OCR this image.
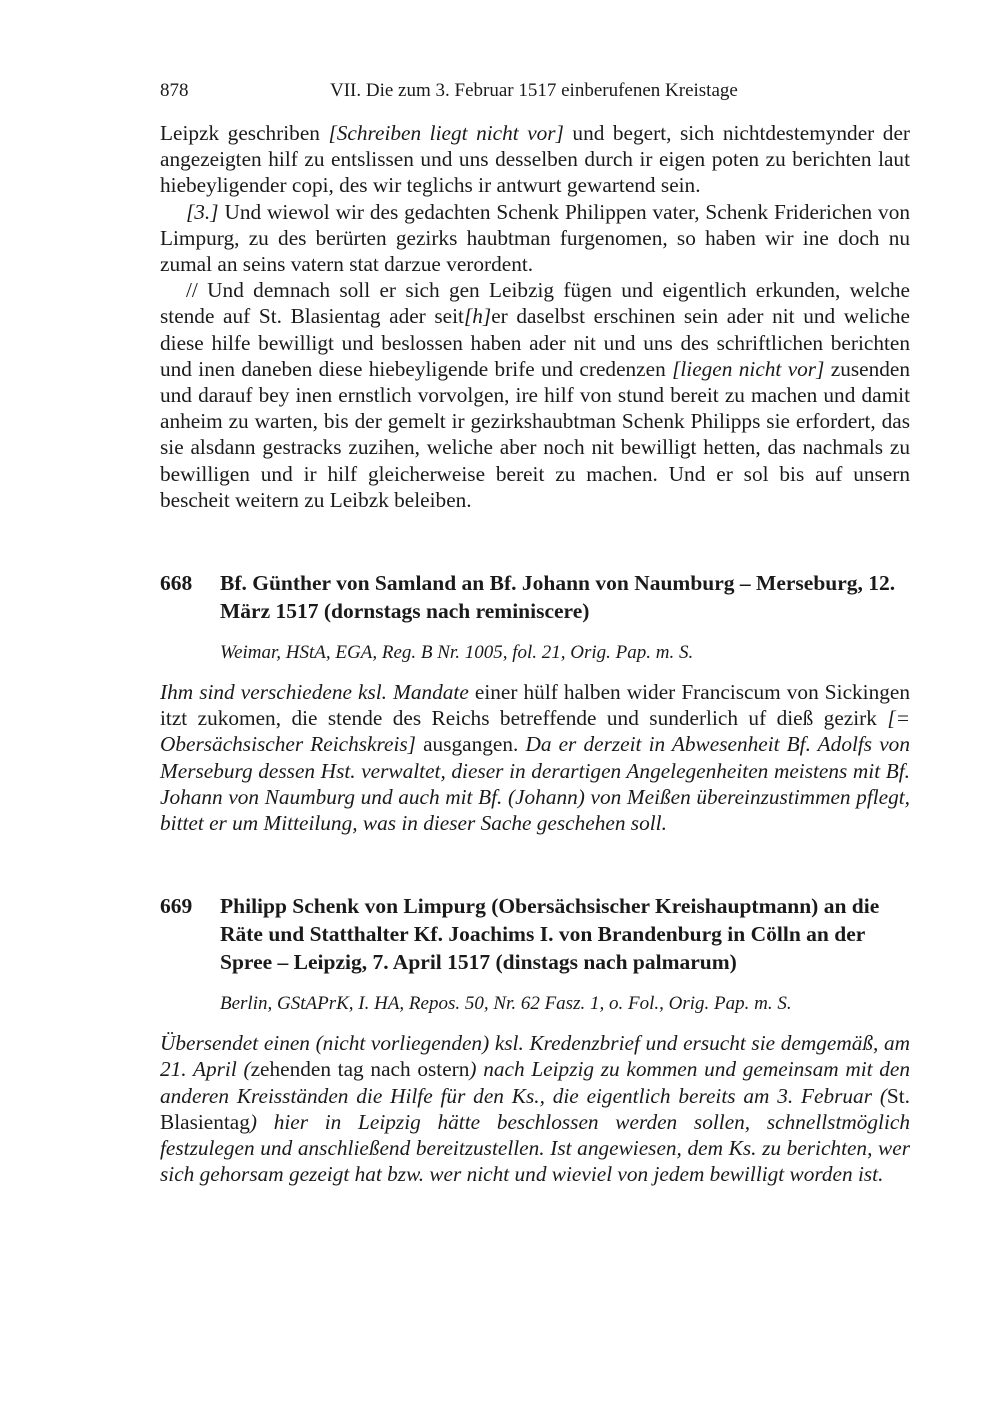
878	VII. Die zum 3. Februar 1517 einberufenen Kreistage

Leipzk geschriben [Schreiben liegt nicht vor] und begert, sich nichtdestemynder der angezeigten hilf zu entslissen und uns desselben durch ir eigen poten zu berichten laut hiebeyligender copi, des wir teglichs ir antwurt gewartend sein.

[3.] Und wiewol wir des gedachten Schenk Philippen vater, Schenk Friderichen von Limpurg, zu des berürten gezirks haubtman furgenomen, so haben wir ine doch nu zumal an seins vatern stat darzue verordent.

// Und demnach soll er sich gen Leibzig fügen und eigentlich erkunden, welche stende auf St. Blasientag ader seit[h]er daselbst erschinen sein ader nit und weliche diese hilfe bewilligt und beslossen haben ader nit und uns des schriftlichen berichten und inen daneben diese hiebeyligende brife und credenzen [liegen nicht vor] zusenden und darauf bey inen ernstlich vorvolgen, ire hilf von stund bereit zu machen und damit anheim zu warten, bis der gemelt ir gezirkshaubtman Schenk Philipps sie erfordert, das sie alsdann gestracks zuzihen, weliche aber noch nit bewilligt hetten, das nachmals zu bewilligen und ir hilf gleicherweise bereit zu machen. Und er sol bis auf unsern bescheit weitern zu Leibzk beleiben.

668 Bf. Günther von Samland an Bf. Johann von Naumburg – Merseburg, 12. März 1517 (dornstags nach reminiscere)
Weimar, HStA, EGA, Reg. B Nr. 1005, fol. 21, Orig. Pap. m. S.

Ihm sind verschiedene ksl. Mandate einer hülf halben wider Franciscum von Sickingen itzt zukomen, die stende des Reichs betreffende und sunderlich uf dieß gezirk [= Obersächsischer Reichskreis] ausgangen. Da er derzeit in Abwesenheit Bf. Adolfs von Merseburg dessen Hst. verwaltet, dieser in derartigen Angelegenheiten meistens mit Bf. Johann von Naumburg und auch mit Bf. (Johann) von Meißen übereinzustimmen pflegt, bittet er um Mitteilung, was in dieser Sache geschehen soll.

669 Philipp Schenk von Limpurg (Obersächsischer Kreishauptmann) an die Räte und Statthalter Kf. Joachims I. von Brandenburg in Cölln an der Spree – Leipzig, 7. April 1517 (dinstags nach palmarum)
Berlin, GStAPrK, I. HA, Repos. 50, Nr. 62 Fasz. 1, o. Fol., Orig. Pap. m. S.

Übersendet einen (nicht vorliegenden) ksl. Kredenzbrief und ersucht sie demgemäß, am 21. April (zehenden tag nach ostern) nach Leipzig zu kommen und gemeinsam mit den anderen Kreisständen die Hilfe für den Ks., die eigentlich bereits am 3. Februar (St. Blasientag) hier in Leipzig hätte beschlossen werden sollen, schnellstmöglich festzulegen und anschließend bereitzustellen. Ist angewiesen, dem Ks. zu berichten, wer sich gehorsam gezeigt hat bzw. wer nicht und wieviel von jedem bewilligt worden ist.
